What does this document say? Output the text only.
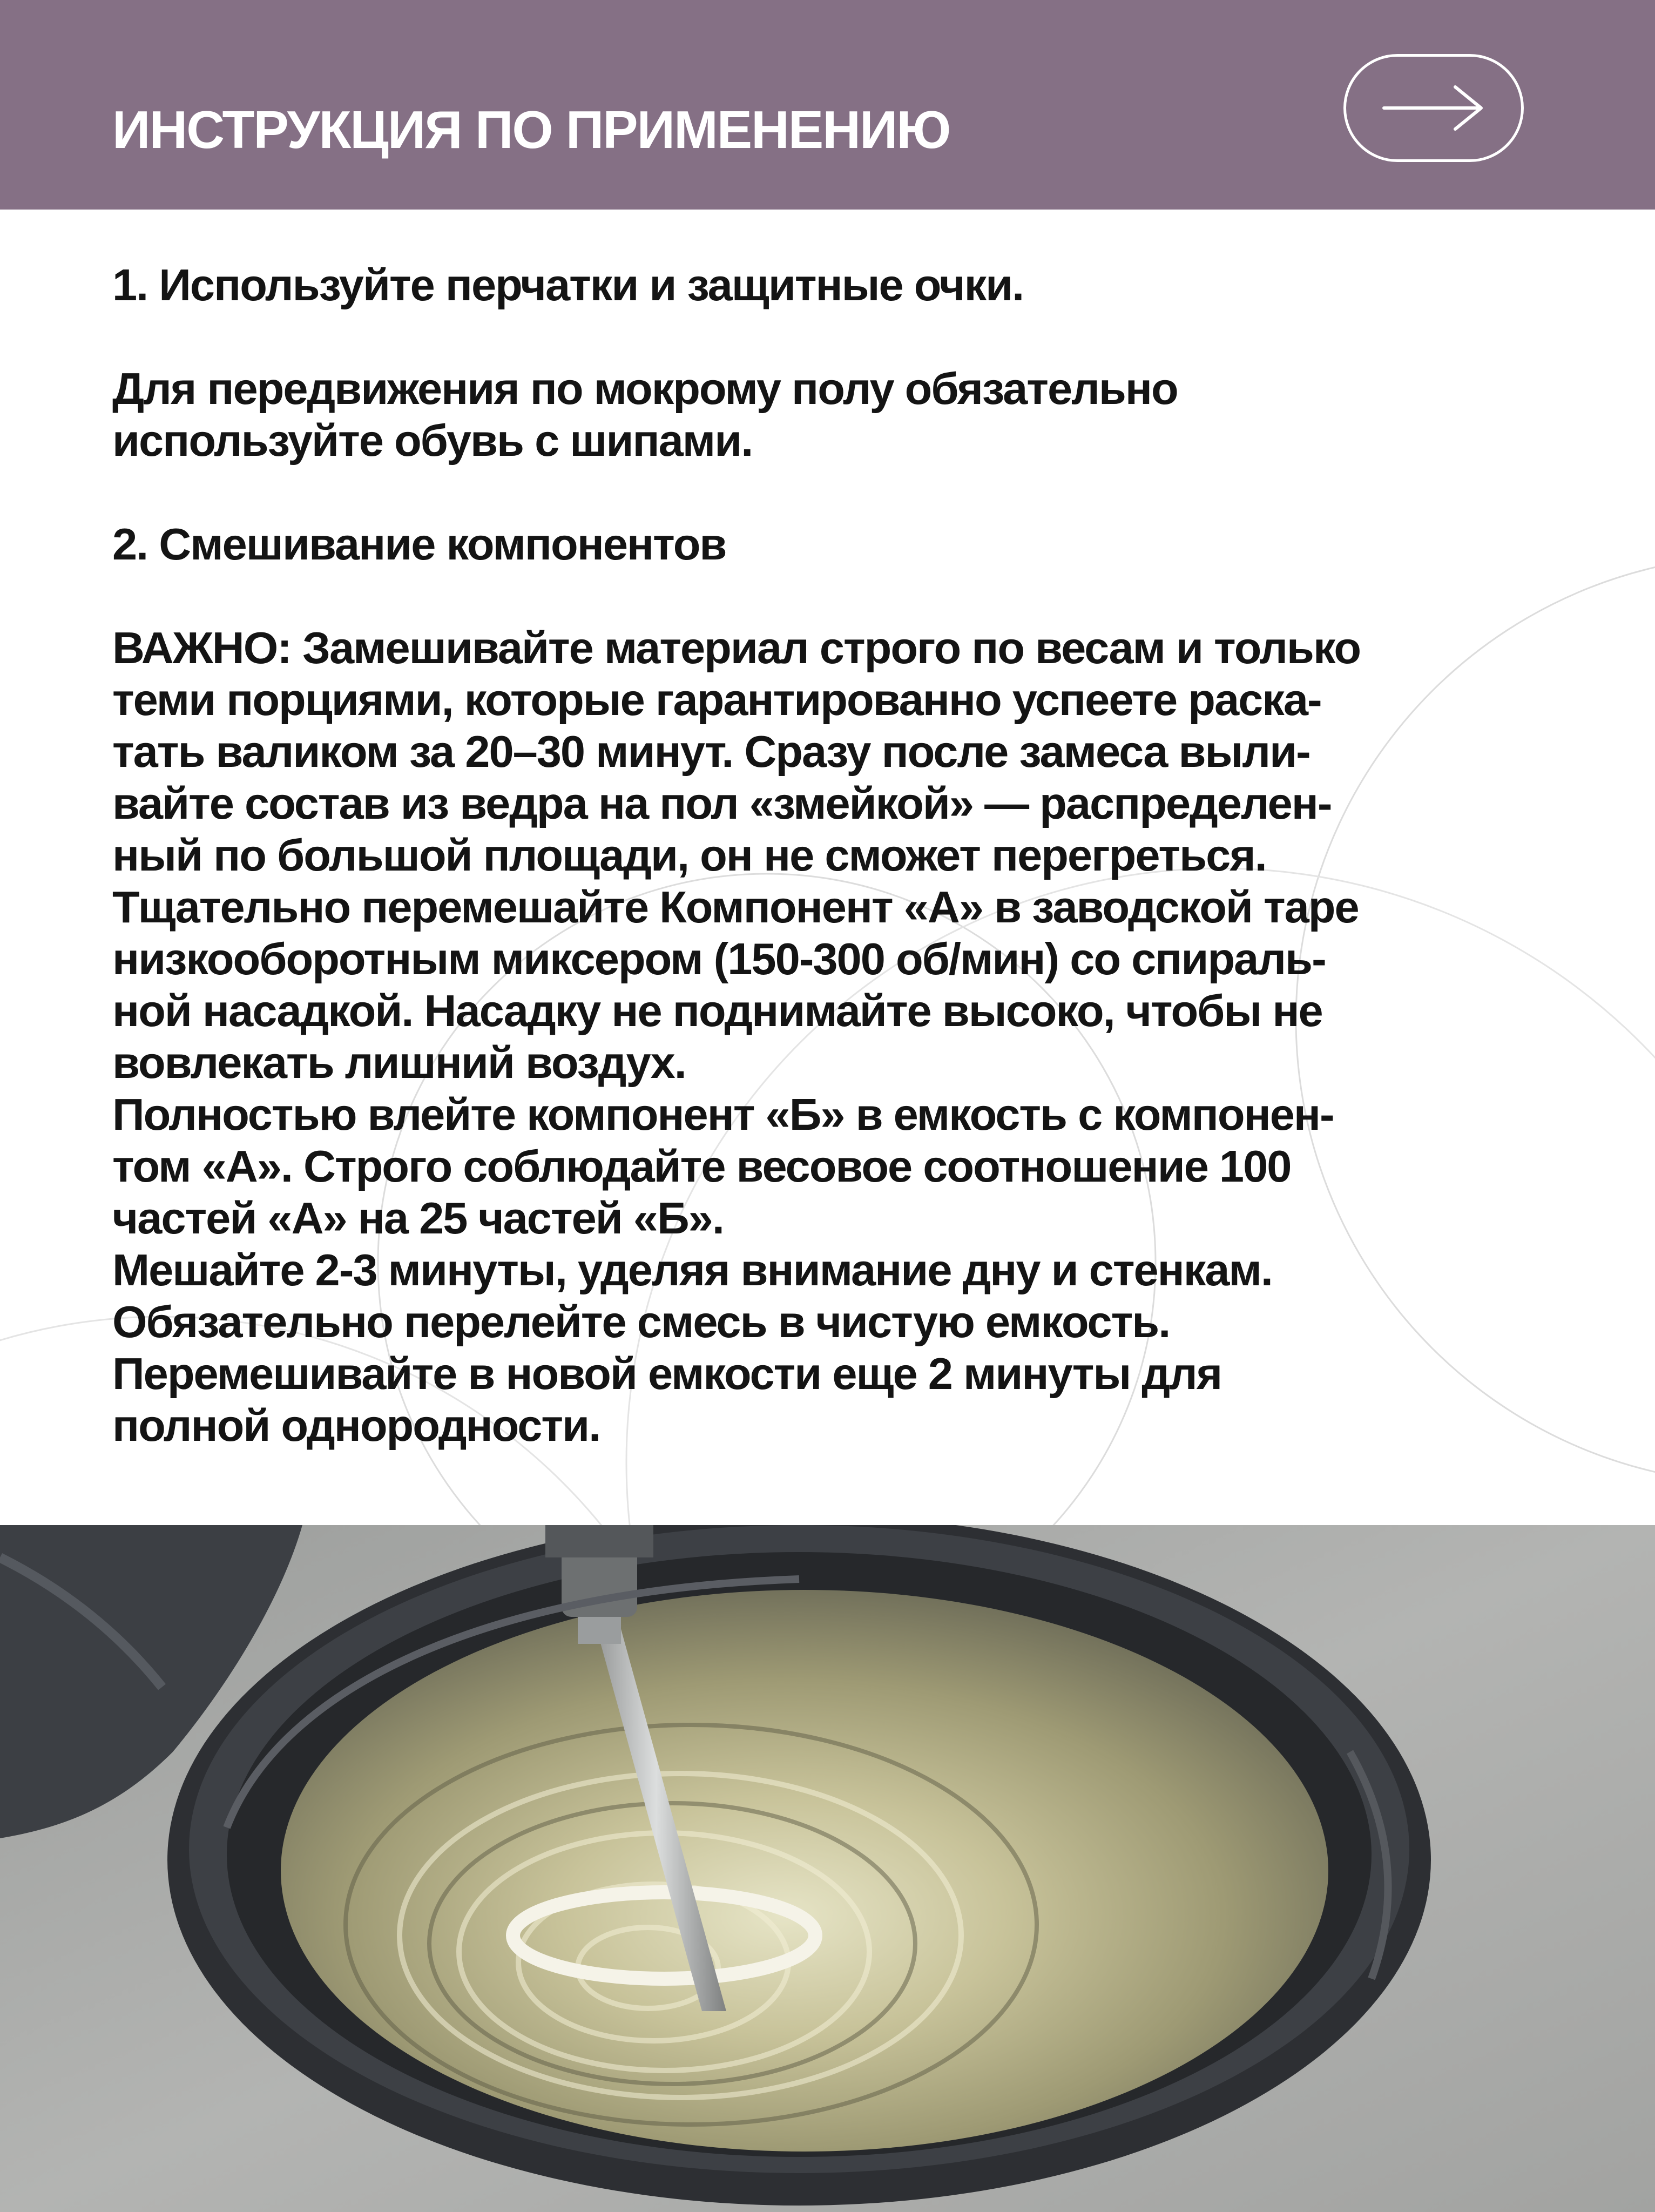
ИНСТРУКЦИЯ ПО ПРИМЕНЕНИЮ

1. Используйте перчатки и защитные очки.

Для передвижения по мокрому полу обязательно

используйте обувь с шипами.

2. Смешивание компонентов

ВАЖНО: Замешивайте материал строго по весам и только

теми порциями, которые гарантированно успеете раска-

тать валиком за 20–30 минут. Сразу после замеса выли-

вайте состав из ведра на пол «змейкой» — распределен-

ный по большой площади, он не сможет перегреться.

Тщательно перемешайте Компонент «А» в заводской таре

низкооборотным миксером (150-300 об/мин) со спираль-

ной насадкой. Насадку не поднимайте высоко, чтобы не

вовлекать лишний воздух.

Полностью влейте компонент «Б» в емкость с компонен-

том «А». Строго соблюдайте весовое соотношение 100

частей «А» на 25 частей «Б».

Мешайте 2-3 минуты, уделяя внимание дну и стенкам.

Обязательно перелейте смесь в чистую емкость.

Перемешивайте в новой емкости еще 2 минуты для

полной однородности.
